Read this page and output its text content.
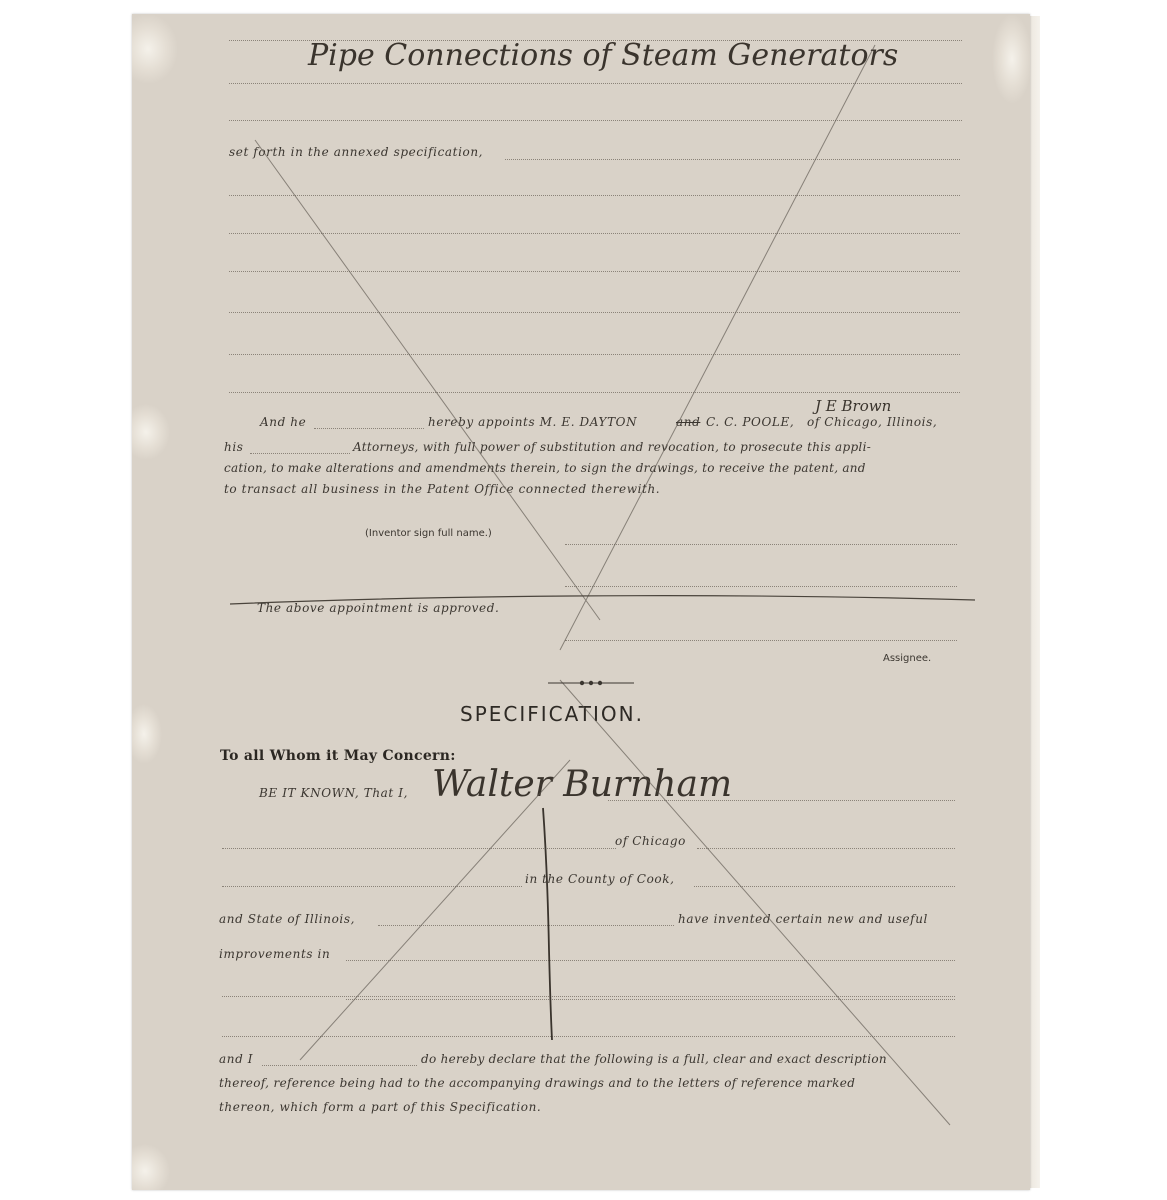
Pipe Connections of Steam Generators
set forth in the annexed specification,
And he	hereby appoints M. E. DAYTON	and C. C. POOLE,
J E Brown
of Chicago, Illinois,
his	Attorneys, with full power of substitution and revocation, to prosecute this appli-
cation, to make alterations and amendments therein, to sign the drawings, to receive the patent, and
to transact all business in the Patent Office connected therewith.
(Inventor sign full name.)
The above appointment is approved.
Assignee.
SPECIFICATION.
To all Whom it May Concern:
BE IT KNOWN, That I, Walter Burnham
of Chicago
in the County of Cook,
and State of Illinois,	have invented certain new and useful
improvements in
and I	do hereby declare that the following is a full, clear and exact description
thereof, reference being had to the accompanying drawings and to the letters of reference marked
thereon, which form a part of this Specification.
